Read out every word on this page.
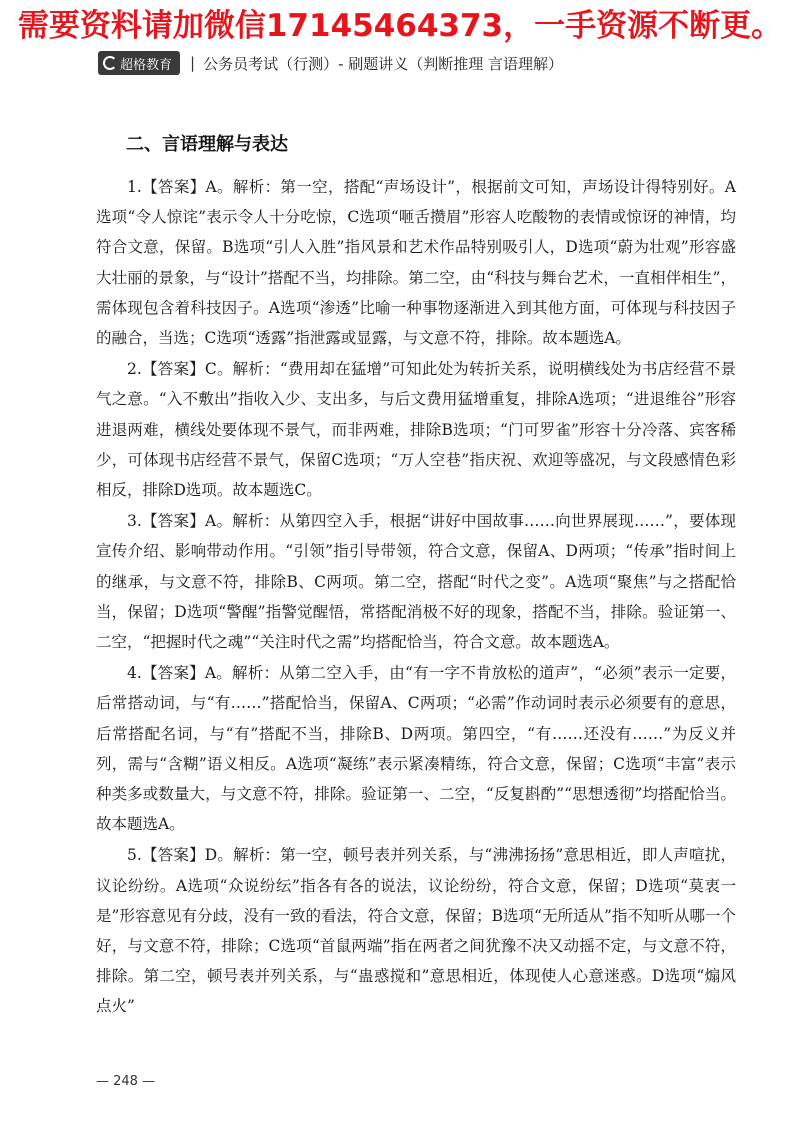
需要资料请加微信17145464373，一手资源不断更。
超格教育 | 公务员考试（行测）- 刷题讲义（判断推理 言语理解）
二、言语理解与表达

1.【答案】A。解析：第一空，搭配“声场设计”，根据前文可知，声场设计得特别好。A选项“令人惊诧”表示令人十分吃惊，C选项“咂舌攒眉”形容人吃酸物的表情或惊讶的神情，均符合文意，保留。B选项“引人入胜”指风景和艺术作品特别吸引人，D选项“蔚为壮观”形容盛大壮丽的景象，与“设计”搭配不当，均排除。第二空，由“科技与舞台艺术，一直相伴相生”，需体现包含着科技因子。A选项“渗透”比喻一种事物逐渐进入到其他方面，可体现与科技因子的融合，当选；C选项“透露”指泄露或显露，与文意不符，排除。故本题选A。

2.【答案】C。解析：“费用却在猛增”可知此处为转折关系，说明横线处为书店经营不景气之意。“入不敷出”指收入少、支出多，与后文费用猛增重复，排除A选项；“进退维谷”形容进退两难，横线处要体现不景气，而非两难，排除B选项；“门可罗雀”形容十分冷落、宾客稀少，可体现书店经营不景气，保留C选项；“万人空巷”指庆祝、欢迎等盛况，与文段感情色彩相反，排除D选项。故本题选C。

3.【答案】A。解析：从第四空入手，根据“讲好中国故事……向世界展现……”，要体现宣传介绍、影响带动作用。“引领”指引导带领，符合文意，保留A、D两项；“传承”指时间上的继承，与文意不符，排除B、C两项。第二空，搭配“时代之变”。A选项“聚焦”与之搭配恰当，保留；D选项“警醒”指警觉醒悟，常搭配消极不好的现象，搭配不当，排除。验证第一、二空，“把握时代之魂”“关注时代之需”均搭配恰当，符合文意。故本题选A。

4.【答案】A。解析：从第二空入手，由“有一字不肯放松的道声”，“必须”表示一定要，后常搭动词，与“有……”搭配恰当，保留A、C两项；“必需”作动词时表示必须要有的意思，后常搭配名词，与“有”搭配不当，排除B、D两项。第四空，“有……还没有……”为反义并列，需与“含糊”语义相反。A选项“凝练”表示紧凑精练，符合文意，保留；C选项“丰富”表示种类多或数量大，与文意不符，排除。验证第一、二空，“反复斟酌”“思想透彻”均搭配恰当。故本题选A。

5.【答案】D。解析：第一空，顿号表并列关系，与“沸沸扬扬”意思相近，即人声喧扰，议论纷纷。A选项“众说纷纭”指各有各的说法，议论纷纷，符合文意，保留；D选项“莫衷一是”形容意见有分歧，没有一致的看法，符合文意，保留；B选项“无所适从”指不知听从哪一个好，与文意不符，排除；C选项“首鼠两端”指在两者之间犹豫不决又动摇不定，与文意不符，排除。第二空，顿号表并列关系，与“蛊惑搅和”意思相近，体现使人心意迷惑。D选项“煽风点火”

— 248 —
